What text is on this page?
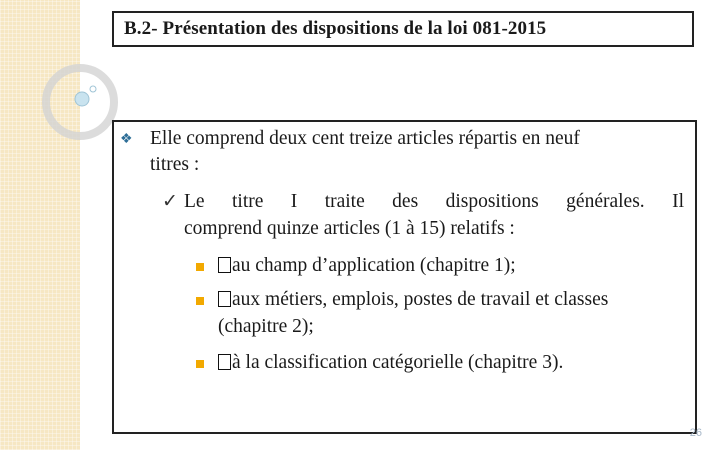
B.2- Présentation des dispositions de la loi 081-2015
❖ Elle comprend deux cent treize articles répartis en neuf
titres :
✓ Le titre I traite des dispositions générales. Il
comprend quinze articles (1 à 15) relatifs :
au champ d’application (chapitre 1);
aux métiers, emplois, postes de travail et classes
(chapitre 2);
à la classification catégorielle (chapitre 3).
26
